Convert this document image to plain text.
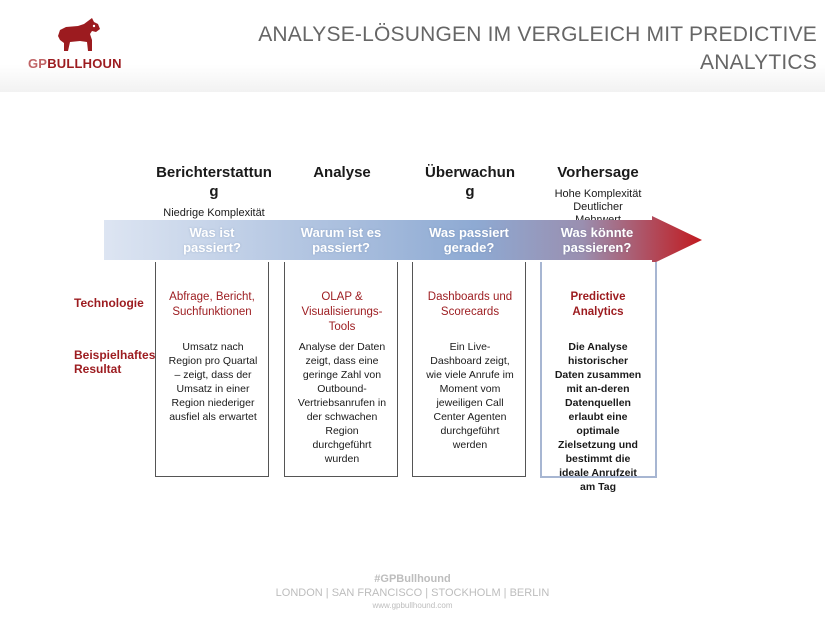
GPBULLHOUN
ANALYSE-LÖSUNGEN IM VERGLEICH MIT PREDICTIVE
ANALYTICS
Berichterstattun
g
Niedrige Komplexität
Analyse	Überwachun
g
Vorhersage
Hohe Komplexität
Deutlicher
Was ist
passiert?
Warum ist es
passiert?
Was passiert
gerade?
Was könnte
passieren?
Technologie
Beispielhaftes
Resultat
Abfrage, Bericht,
Suchfunktionen
OLAP &
Visualisierungs-
Tools
Dashboards und
Scorecards
Predictive
Analytics
Umsatz nach
Region pro Quartal
– zeigt, dass der
Umsatz in einer
Region niederiger
ausfiel als erwartet
Analyse der Daten
zeigt, dass eine
geringe Zahl von
Outbound-
Vertriebsanrufen in
der schwachen
Region
durchgeführt
wurden
Ein Live-
Dashboard zeigt,
wie viele Anrufe im
Moment vom
jeweiligen Call
Center Agenten
durchgeführt
werden
Die Analyse
historischer
Daten zusammen
mit an-deren
Datenquellen
erlaubt eine
optimale
Zielsetzung und
bestimmt die
ideale Anrufzeit
am Tag
#GPBullhound
LONDON | SAN FRANCISCO | STOCKHOLM | BERLIN
www.gpbullhound.com
